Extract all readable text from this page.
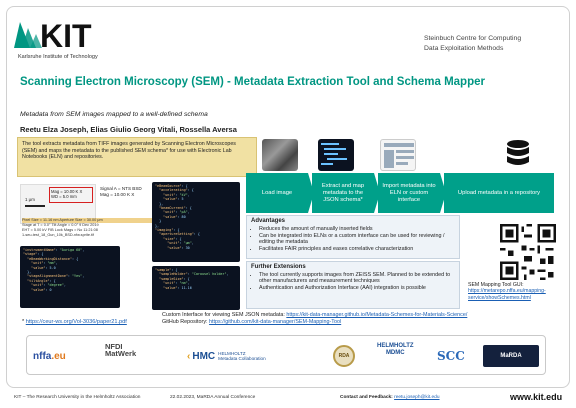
KIT
Karlsruhe Institute of Technology
Steinbuch Centre for Computing
Data Exploitation Methods
Scanning Electron Microscopy (SEM) - Metadata Extraction Tool and Schema Mapper
Metadata from SEM images mapped to a well-defined schema
Reetu Elza Joseph, Elias Giulio Georg Vitali, Rossella Aversa
The tool extracts metadata from TIFF images generated by Scanning Electron Microscopes (SEM) and maps the metadata to the published SEM schema* for use with Electronic Lab Notebooks (ELN) and repositories.
Mag = 10.00 K X
WD = 5.0 mm
1 μm
Signal A = NTS BSD
Mag = 10.00 K X
Pixel Size = 11.16 nm Aperture Size = 30.00 μm
Stage at T = 0.0° Tilt Angle = 0.0° 9 Dec 2019
EHT = 5.00 kV FIB Lock Mags = No 11:21:08
1-seu-test_18_Gun_10k_BSD-nfw.sprite.tif
"eBeamSource": {
"accelerating": {
"unit": "kV",
"value": 5
},
"beamCurrent": {
"unit": "pA",
"value": 80
}
},
"imaging": {
"apertureSetting": {
"size": {
"unit": "μm",
"value": 30
"instrumentName": "Auriga 60",
"stage": {
"eBeamWorkingDistance": {
"unit": "mm",
"value": 5.0
},
"stageAlignmentDone": "Yes",
"tiltAngle": {
"unit": "degree",
"value": 0
"sample": {
"sampleHolder": "Carousel holder",
"sampleSize": {
"unit": "nm",
"value": 11.16
Load image
Extract and map metadata to the JSON schema*
Import metadata into ELN or custom interface
Upload metadata in a repository
Advantages
• Reduces the amount of manually inserted fields
• Can be integrated into ELNs or a custom interface can be used for reviewing / editing the metadata
• Facilitates FAIR principles and eases correlative characterization
Further Extensions
• The tool currently supports images from ZEISS SEM. Planned to be extended to other manufacturers and measurement techniques
• Authentication and Authorization Interface (AAI) integration is possible
SEM Mapping Tool GUI:
https://metarepo.nffa.eu/mapping-service/showSchemes.html
* https://ceur-ws.org/Vol-3036/paper21.pdf
Custom Interface for viewing SEM JSON metadata: https://kit-data-manager.github.io/Metadata-Schemes-for-Materials-Science/
GitHub Repository: https://github.com/kit-data-manager/SEM-Mapping-Tool
nffa .eu
NFDI
MatWerk	‹ HMC HELMHOLTZ
Metadata Collaboration	RDA
HELMHOLTZ
MDMC	SCC	MaRDA
KIT – The Research University in the Helmholtz Association	22.02.2023, MaRDA Annual Conference	Contact and Feedback: reetu.joseph@kit.edu	www.kit.edu
